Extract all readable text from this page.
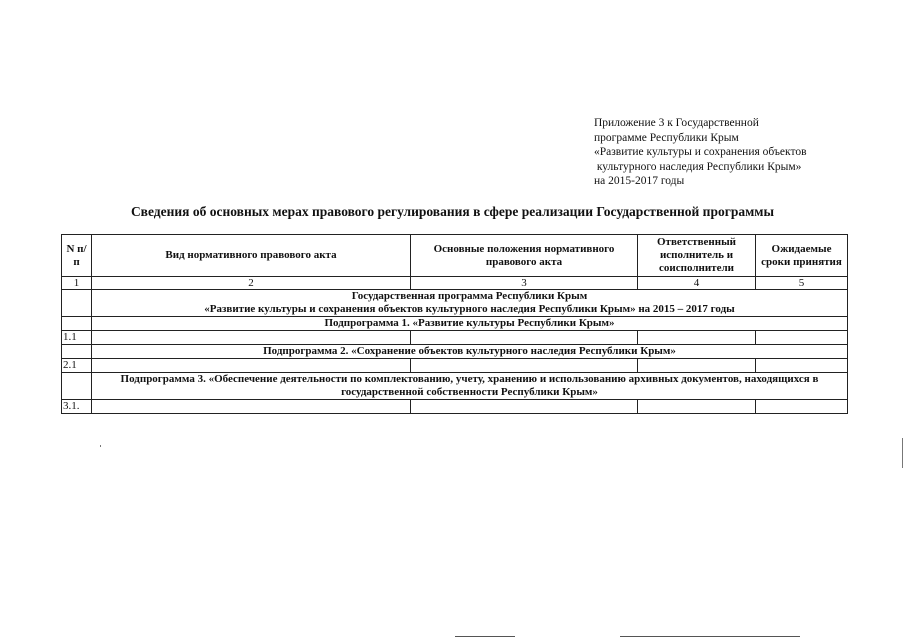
Приложение 3 к Государственной
программе Республики Крым
«Развитие культуры и сохранения объектов
культурного наследия Республики Крым»
на 2015-2017 годы
Сведения об основных мерах правового регулирования в сфере реализации Государственной программы
N п/п	Вид нормативного правового акта	Основные положения нормативного правового акта	Ответственный исполнитель и соисполнители	Ожидаемые сроки принятия
1	2	3	4	5

	Государственная программа Республики Крым
«Развитие культуры и сохранения объектов культурного наследия Республики Крым» на 2015 – 2017 годы			

	Подпрограмма 1. «Развитие культуры Республики Крым»			
1.1				
	Подпрограмма 2. «Сохранение объектов культурного наследия Республики Крым»			
2.1				
	Подпрограмма 3. «Обеспечение деятельности по комплектованию, учету, хранению и использованию архивных документов, находящихся в государственной собственности Республики Крым»			
3.1.				
